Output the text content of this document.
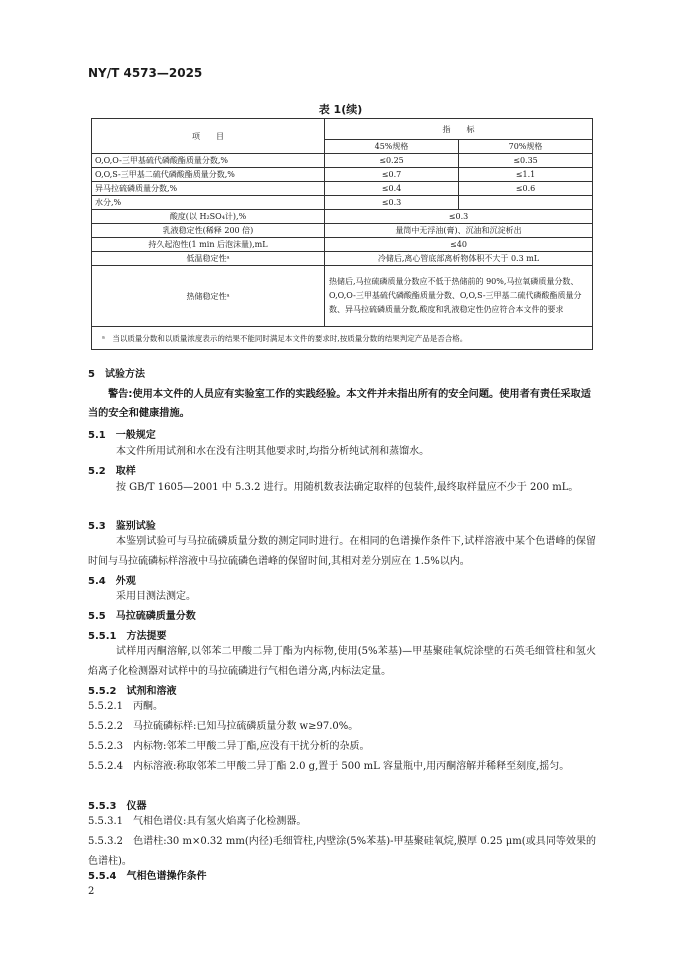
NY/T 4573—2025
表 1(续)
项　　目	指　　标	
	45%规格	70%规格
O,O,O-三甲基硫代磷酸酯质量分数,%	≤0.25	≤0.35
O,O,S-三甲基二硫代磷酸酯质量分数,%	≤0.7	≤1.1
异马拉硫磷质量分数,%	≤0.4	≤0.6
水分,%	≤0.3	
酸度(以 H₂SO₄计),%	≤0.3	
乳液稳定性(稀释 200 倍)	量筒中无浮油(膏)、沉油和沉淀析出	
持久起泡性(1 min 后泡沫量),mL	≤40	
低温稳定性ᵃ	冷储后,离心管底部离析物体积不大于 0.3 mL	
热储稳定性ᵃ	热储后,马拉硫磷质量分数应不低于热储前的 90%,马拉氧磷质量分数、O,O,O-三甲基硫代磷酸酯质量分数、O,O,S-三甲基二硫代磷酸酯质量分数、异马拉硫磷质量分数,酸度和乳液稳定性仍应符合本文件的要求	
ᵃ　当以质量分数和以质量浓度表示的结果不能同时满足本文件的要求时,按质量分数的结果判定产品是否合格。		
5　试验方法
警告:使用本文件的人员应有实验室工作的实践经验。本文件并未指出所有的安全问题。使用者有责任采取适当的安全和健康措施。
5.1　一般规定
本文件所用试剂和水在没有注明其他要求时,均指分析纯试剂和蒸馏水。
5.2　取样
按 GB/T 1605—2001 中 5.3.2 进行。用随机数表法确定取样的包装件,最终取样量应不少于 200 mL。
5.3　鉴别试验
本鉴别试验可与马拉硫磷质量分数的测定同时进行。在相同的色谱操作条件下,试样溶液中某个色谱峰的保留时间与马拉硫磷标样溶液中马拉硫磷色谱峰的保留时间,其相对差分别应在 1.5%以内。
5.4　外观
采用目测法测定。
5.5　马拉硫磷质量分数
5.5.1　方法提要
试样用丙酮溶解,以邻苯二甲酸二异丁酯为内标物,使用(5%苯基)—甲基聚硅氧烷涂壁的石英毛细管柱和氢火焰离子化检测器对试样中的马拉硫磷进行气相色谱分离,内标法定量。
5.5.2　试剂和溶液
5.5.2.1　丙酮。
5.5.2.2　马拉硫磷标样:已知马拉硫磷质量分数 w≥97.0%。
5.5.2.3　内标物:邻苯二甲酸二异丁酯,应没有干扰分析的杂质。
5.5.2.4　内标溶液:称取邻苯二甲酸二异丁酯 2.0 g,置于 500 mL 容量瓶中,用丙酮溶解并稀释至刻度,摇匀。
5.5.3　仪器
5.5.3.1　气相色谱仪:具有氢火焰离子化检测器。
5.5.3.2　色谱柱:30 m×0.32 mm(内径)毛细管柱,内壁涂(5%苯基)-甲基聚硅氧烷,膜厚 0.25 μm(或具同等效果的色谱柱)。
5.5.4　气相色谱操作条件
2
